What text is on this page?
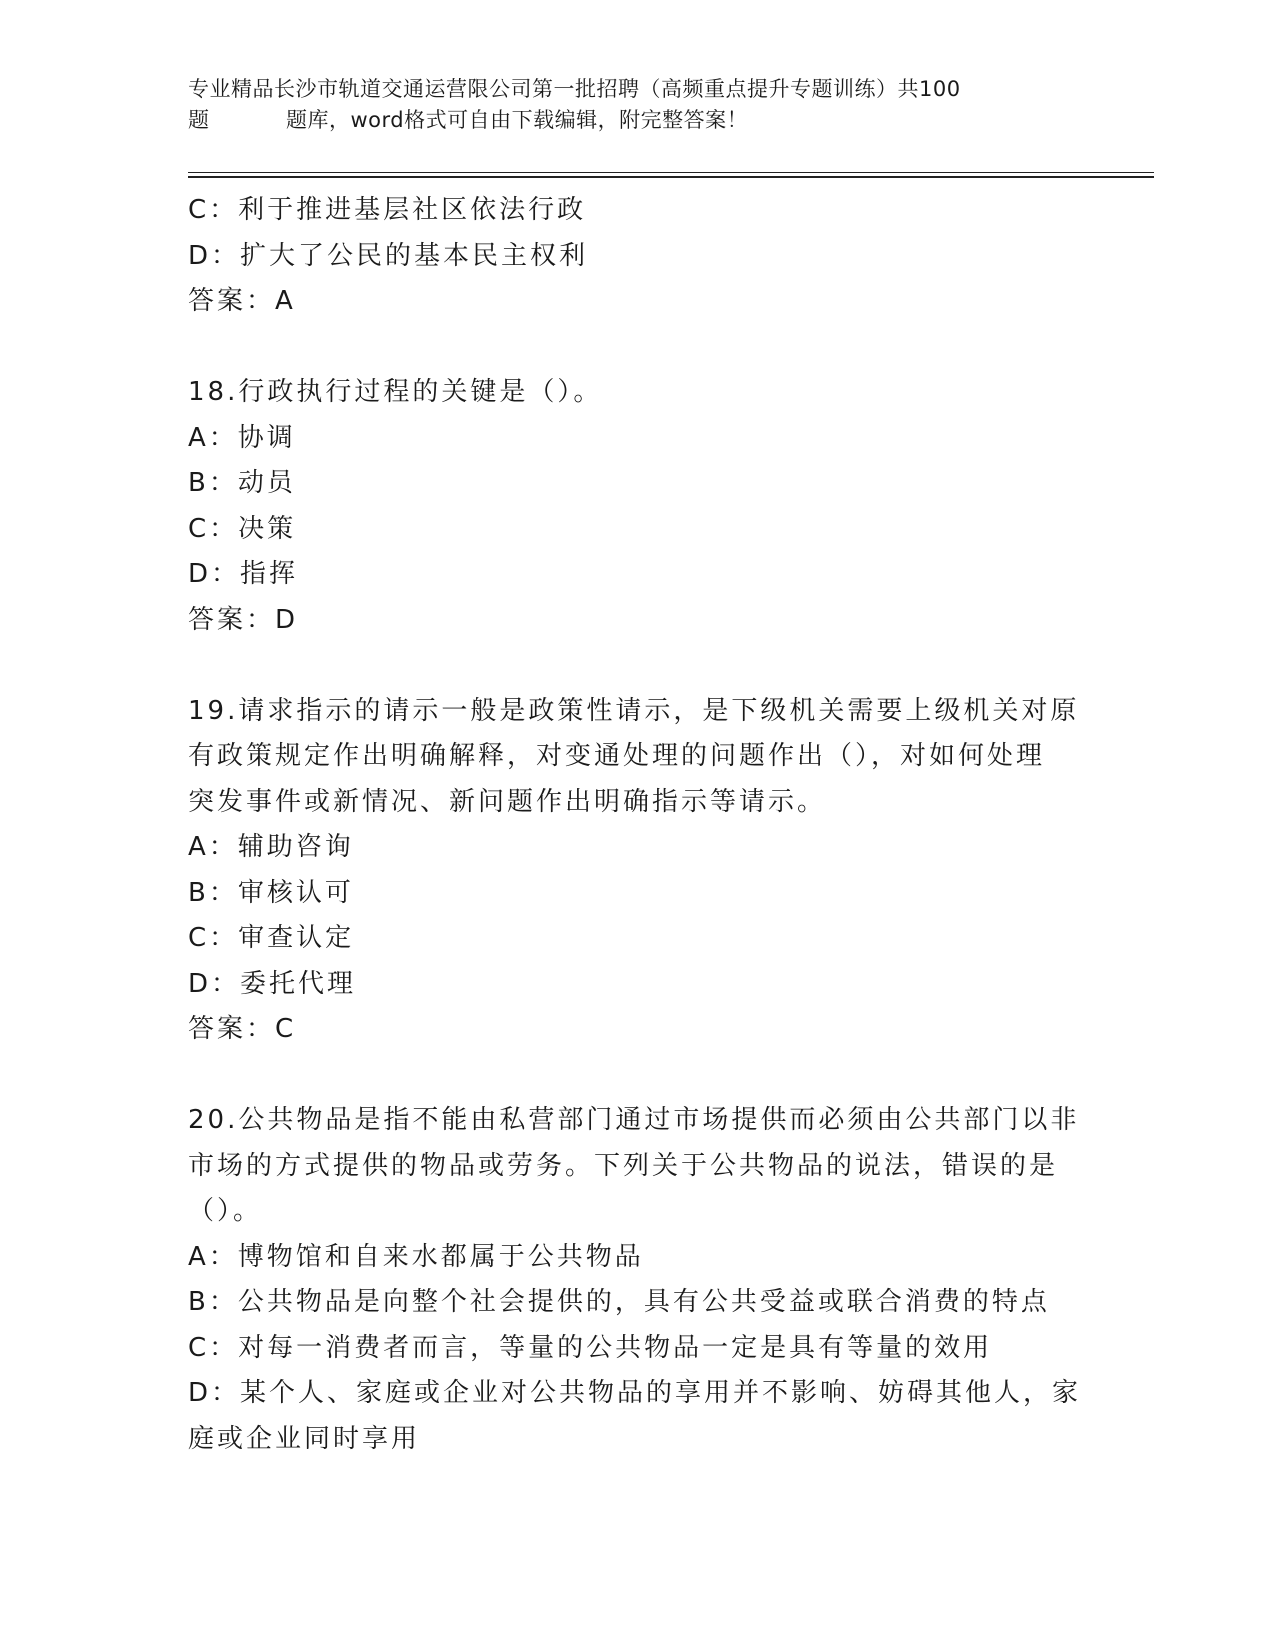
专业精品长沙市轨道交通运营限公司第一批招聘（高频重点提升专题训练）共100
题	题库，word格式可自由下载编辑，附完整答案！
C：利于推进基层社区依法行政
D：扩大了公民的基本民主权利
答案：A
18.行政执行过程的关键是（）。
A：协调
B：动员
C：决策
D：指挥
答案：D
19.请求指示的请示一般是政策性请示，是下级机关需要上级机关对原
有政策规定作出明确解释，对变通处理的问题作出（），对如何处理
突发事件或新情况、新问题作出明确指示等请示。
A：辅助咨询
B：审核认可
C：审查认定
D：委托代理
答案：C
20.公共物品是指不能由私营部门通过市场提供而必须由公共部门以非
市场的方式提供的物品或劳务。下列关于公共物品的说法，错误的是
（）。
A：博物馆和自来水都属于公共物品
B：公共物品是向整个社会提供的，具有公共受益或联合消费的特点
C：对每一消费者而言，等量的公共物品一定是具有等量的效用
D：某个人、家庭或企业对公共物品的享用并不影响、妨碍其他人，家
庭或企业同时享用
